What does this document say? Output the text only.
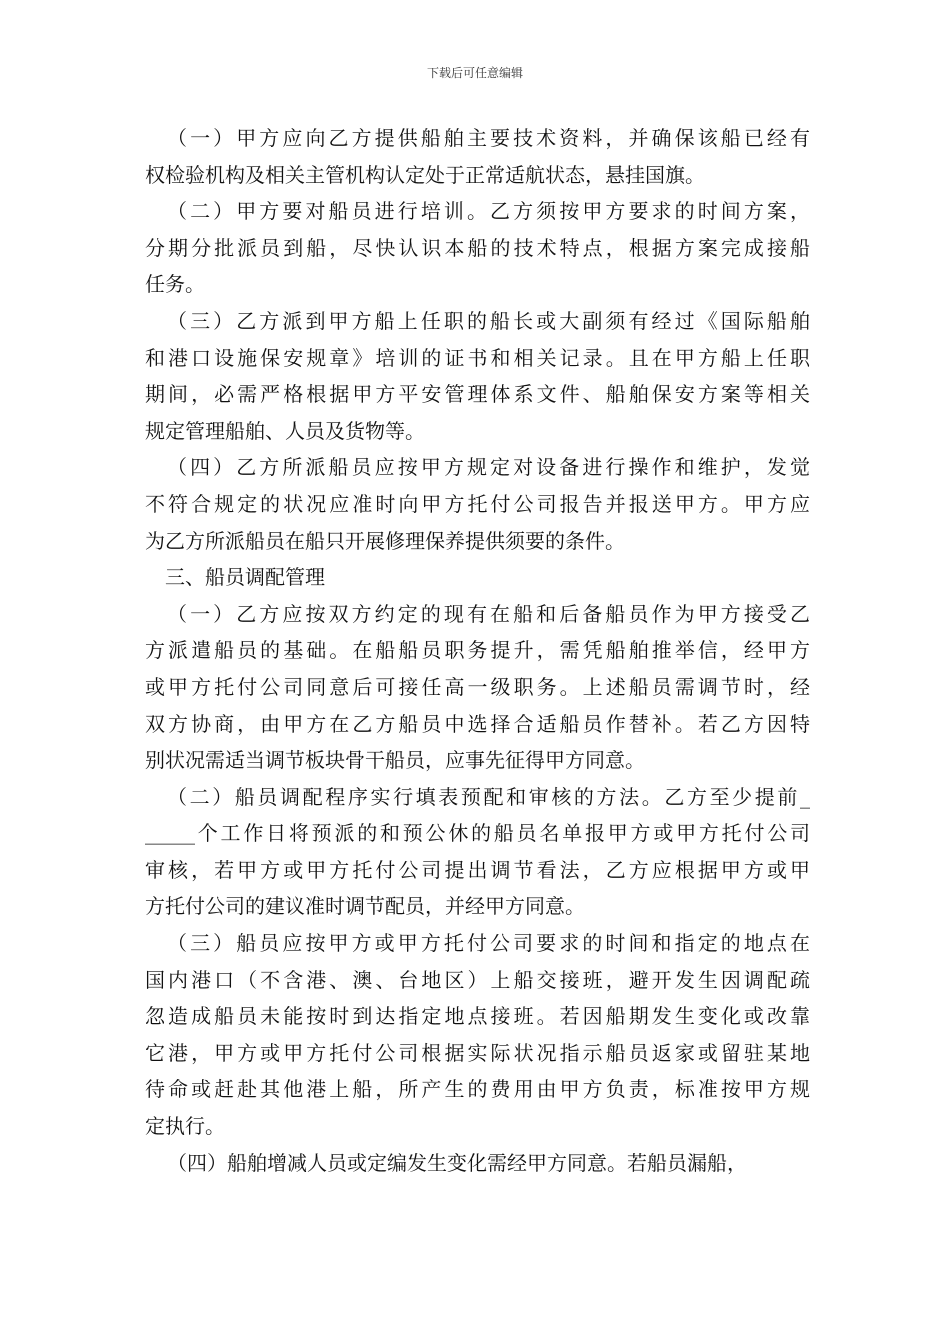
下载后可任意编辑
（一）甲方应向乙方提供船舶主要技术资料，并确保该船已经有
权检验机构及相关主管机构认定处于正常适航状态，悬挂国旗。
（二）甲方要对船员进行培训。乙方须按甲方要求的时间方案，
分期分批派员到船，尽快认识本船的技术特点，根据方案完成接船
任务。
（三）乙方派到甲方船上任职的船长或大副须有经过《国际船舶
和港口设施保安规章》培训的证书和相关记录。且在甲方船上任职
期间，必需严格根据甲方平安管理体系文件、船舶保安方案等相关
规定管理船舶、人员及货物等。
（四）乙方所派船员应按甲方规定对设备进行操作和维护，发觉
不符合规定的状况应准时向甲方托付公司报告并报送甲方。甲方应
为乙方所派船员在船只开展修理保养提供须要的条件。
三、船员调配管理
（一）乙方应按双方约定的现有在船和后备船员作为甲方接受乙
方派遣船员的基础。在船船员职务提升，需凭船舶推举信，经甲方
或甲方托付公司同意后可接任高一级职务。上述船员需调节时，经
双方协商，由甲方在乙方船员中选择合适船员作替补。若乙方因特
别状况需适当调节板块骨干船员，应事先征得甲方同意。
（二）船员调配程序实行填表预配和审核的方法。乙方至少提前_
_____个工作日将预派的和预公休的船员名单报甲方或甲方托付公司
审核，若甲方或甲方托付公司提出调节看法，乙方应根据甲方或甲
方托付公司的建议准时调节配员，并经甲方同意。
（三）船员应按甲方或甲方托付公司要求的时间和指定的地点在
国内港口（不含港、澳、台地区）上船交接班，避开发生因调配疏
忽造成船员未能按时到达指定地点接班。若因船期发生变化或改靠
它港，甲方或甲方托付公司根据实际状况指示船员返家或留驻某地
待命或赶赴其他港上船，所产生的费用由甲方负责，标准按甲方规
定执行。
（四）船舶增减人员或定编发生变化需经甲方同意。若船员漏船，
